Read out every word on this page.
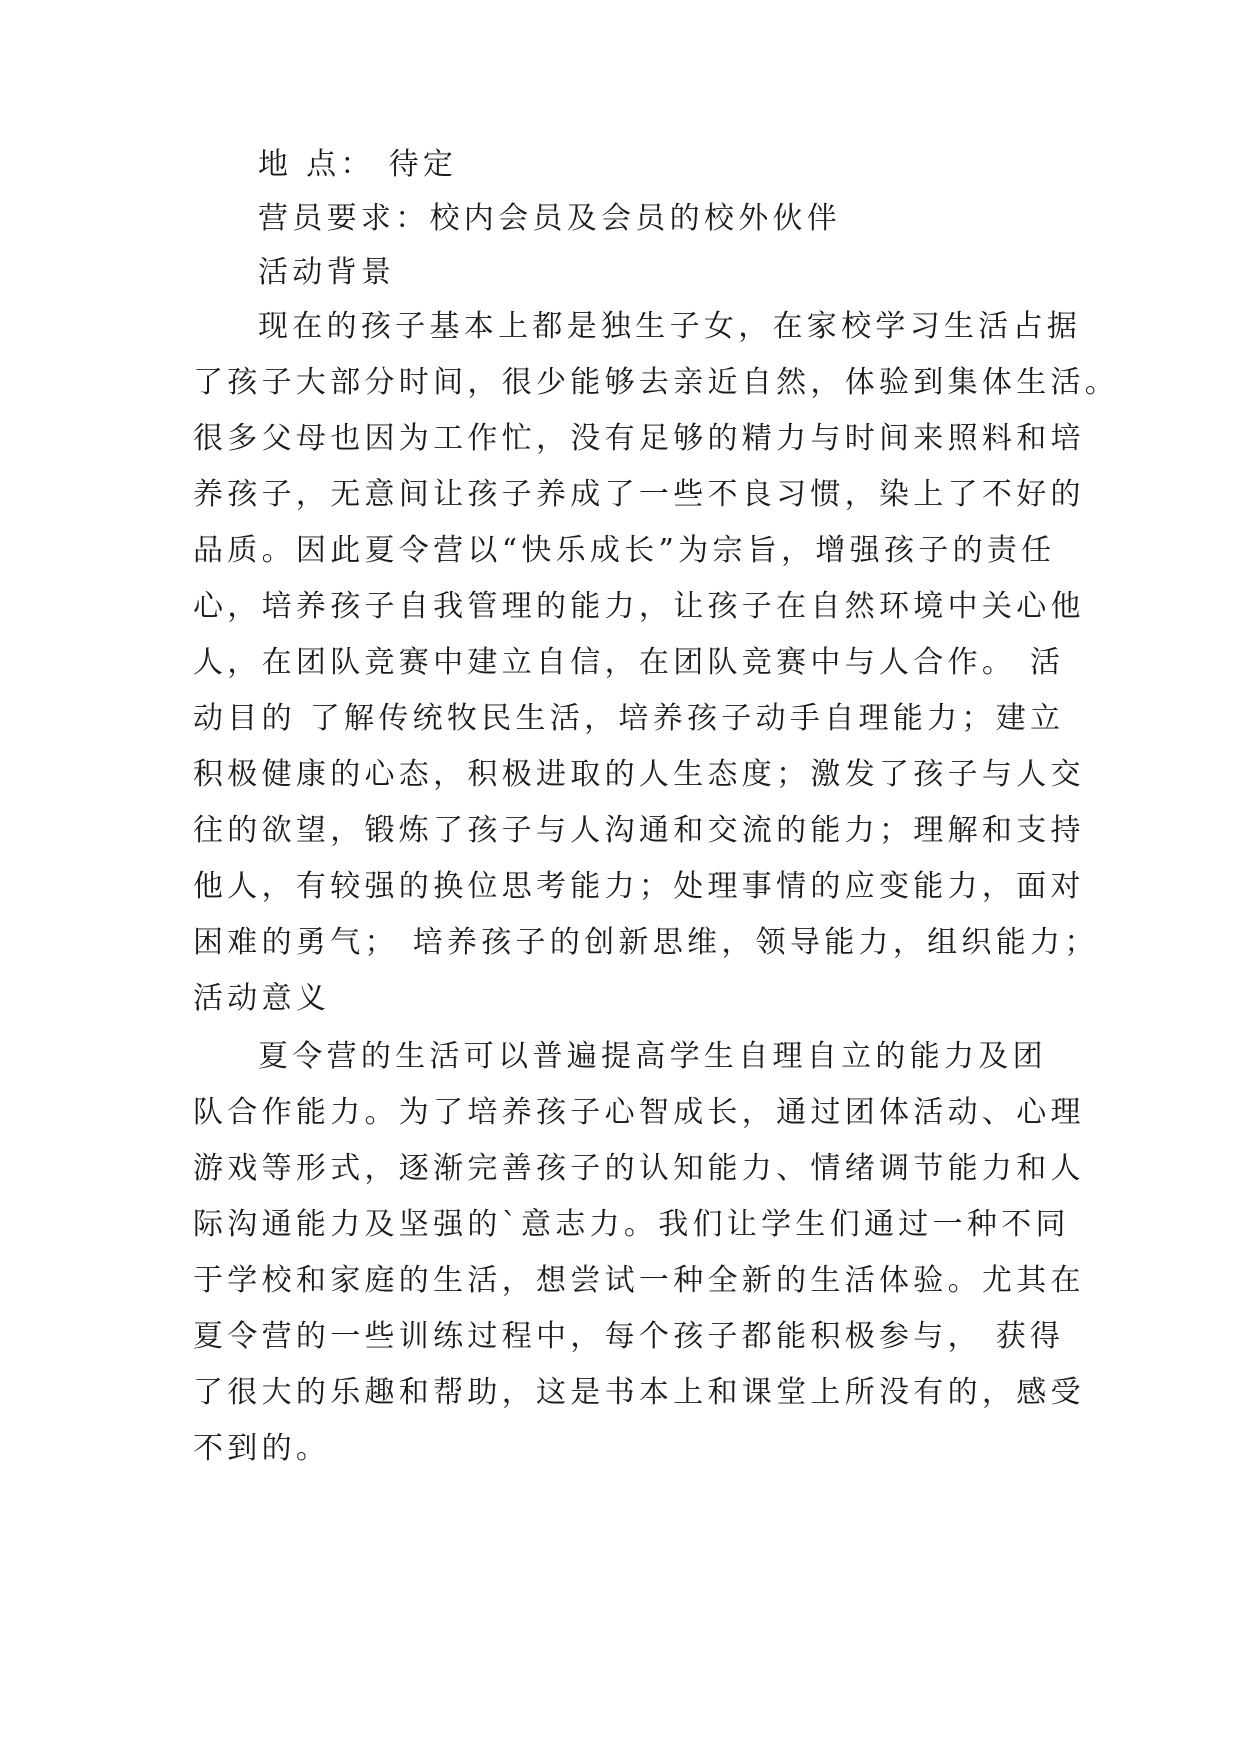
地 点： 待定
营员要求：校内会员及会员的校外伙伴
活动背景
现在的孩子基本上都是独生子女，在家校学习生活占据
了孩子大部分时间，很少能够去亲近自然，体验到集体生活。
很多父母也因为工作忙，没有足够的精力与时间来照料和培
养孩子，无意间让孩子养成了一些不良习惯，染上了不好的
品质。因此夏令营以“快乐成长”为宗旨，增强孩子的责任
心，培养孩子自我管理的能力，让孩子在自然环境中关心他
人，在团队竞赛中建立自信，在团队竞赛中与人合作。 活
动目的 了解传统牧民生活，培养孩子动手自理能力；建立
积极健康的心态，积极进取的人生态度；激发了孩子与人交
往的欲望，锻炼了孩子与人沟通和交流的能力；理解和支持
他人，有较强的换位思考能力；处理事情的应变能力，面对
困难的勇气； 培养孩子的创新思维，领导能力，组织能力；
活动意义
夏令营的生活可以普遍提高学生自理自立的能力及团
队合作能力。为了培养孩子心智成长，通过团体活动、心理
游戏等形式，逐渐完善孩子的认知能力、情绪调节能力和人
际沟通能力及坚强的`意志力。我们让学生们通过一种不同
于学校和家庭的生活，想尝试一种全新的生活体验。尤其在
夏令营的一些训练过程中，每个孩子都能积极参与， 获得
了很大的乐趣和帮助，这是书本上和课堂上所没有的，感受
不到的。
